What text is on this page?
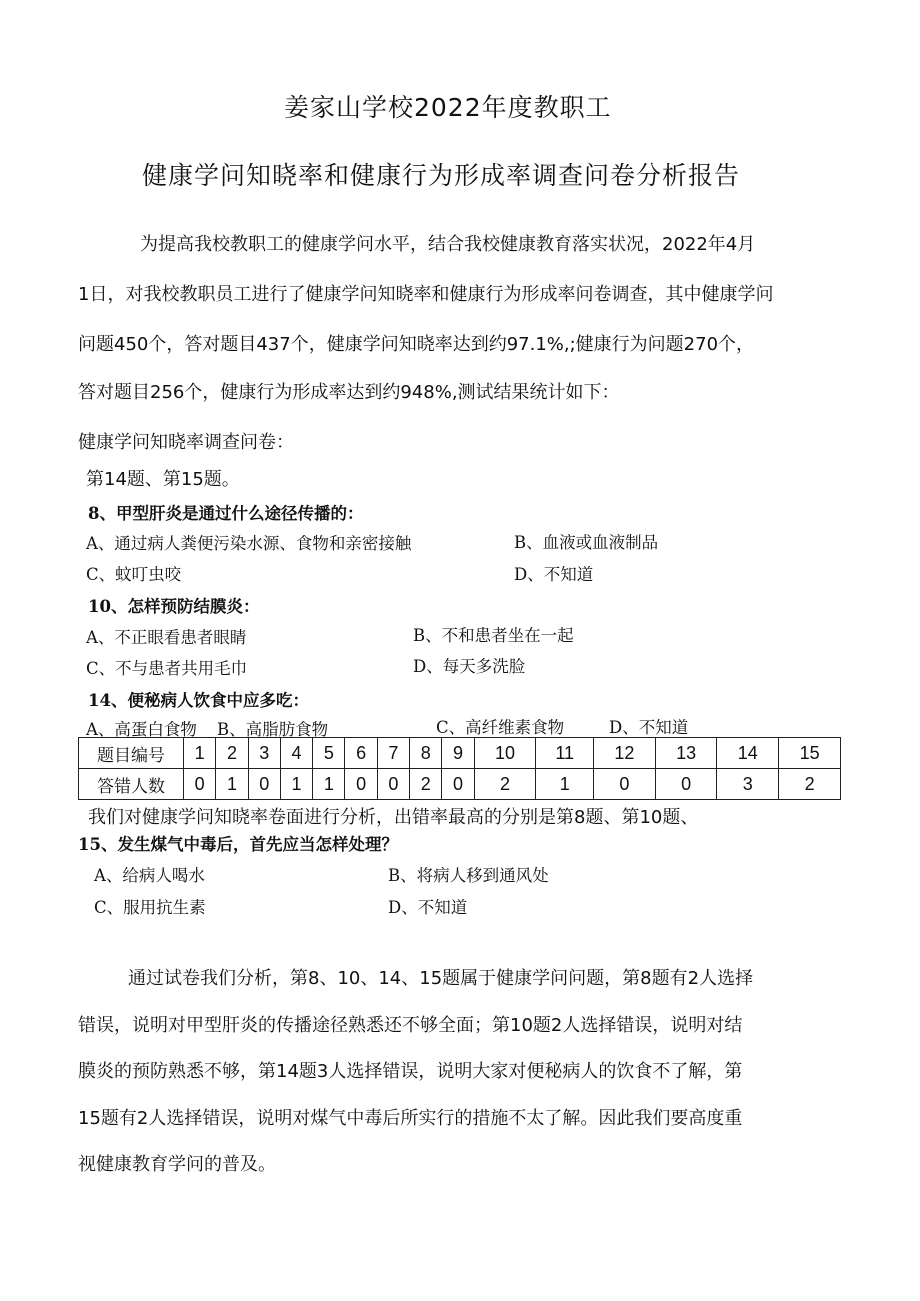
姜家山学校2022年度教职工
健康学问知晓率和健康行为形成率调查问卷分析报告
为提高我校教职工的健康学问水平，结合我校健康教育落实状况，2022年4月
1日，对我校教职员工进行了健康学问知晓率和健康行为形成率问卷调查，其中健康学问
问题450个，答对题目437个，健康学问知晓率达到约97.1%,;健康行为问题270个，
答对题目256个，健康行为形成率达到约948%,测试结果统计如下：
健康学问知晓率调查问卷：
第14题、第15题。
8、甲型肝炎是通过什么途径传播的：
A、通过病人粪便污染水源、食物和亲密接触	B、血液或血液制品
C、蚊叮虫咬	D、不知道
10、怎样预防结膜炎：
A、不正眼看患者眼睛	B、不和患者坐在一起
C、不与患者共用毛巾	D、每天多洗脸
14、便秘病人饮食中应多吃：
A、高蛋白食物 B、高脂肪食物	C、高纤维素食物	D、不知道
题目编号	1	2	3	4	5	6	7	8	9	10	11	12	13	14	15
答错人数	0	1	0	1	1	0	0	2	0	2	1	0	0	3	2
我们对健康学问知晓率卷面进行分析，出错率最高的分别是第8题、第10题、
15、发生煤气中毒后，首先应当怎样处理？
A、给病人喝水	B、将病人移到通风处
C、服用抗生素	D、不知道
通过试卷我们分析，第8、10、14、15题属于健康学问问题，第8题有2人选择
错误，说明对甲型肝炎的传播途径熟悉还不够全面；第10题2人选择错误，说明对结
膜炎的预防熟悉不够，第14题3人选择错误，说明大家对便秘病人的饮食不了解，第
15题有2人选择错误，说明对煤气中毒后所实行的措施不太了解。因此我们要高度重
视健康教育学问的普及。
